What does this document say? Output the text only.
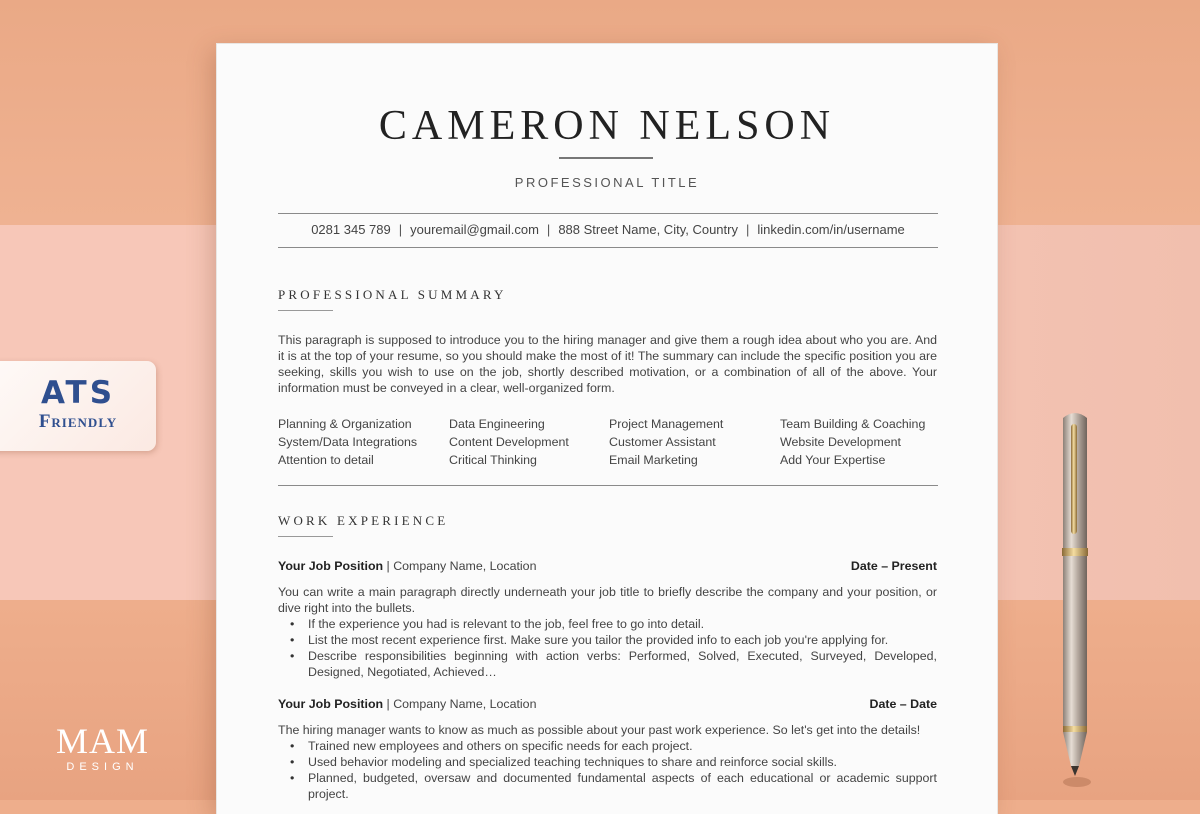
CAMERON NELSON
PROFESSIONAL TITLE
0281 345 789 | youremail@gmail.com | 888 Street Name, City, Country | linkedin.com/in/username
PROFESSIONAL SUMMARY
This paragraph is supposed to introduce you to the hiring manager and give them a rough idea about who you are. And it is at the top of your resume, so you should make the most of it! The summary can include the specific position you are seeking, skills you wish to use on the job, shortly described motivation, or a combination of all of the above. Your information must be conveyed in a clear, well-organized form.
Planning & Organization
System/Data Integrations
Attention to detail
Data Engineering
Content Development
Critical Thinking
Project Management
Customer Assistant
Email Marketing
Team Building & Coaching
Website Development
Add Your Expertise
WORK EXPERIENCE
Your Job Position | Company Name, Location	Date – Present
You can write a main paragraph directly underneath your job title to briefly describe the company and your position, or dive right into the bullets.
• If the experience you had is relevant to the job, feel free to go into detail.
• List the most recent experience first. Make sure you tailor the provided info to each job you're applying for.
• Describe responsibilities beginning with action verbs: Performed, Solved, Executed, Surveyed, Developed, Designed, Negotiated, Achieved…
Your Job Position | Company Name, Location	Date – Date
The hiring manager wants to know as much as possible about your past work experience. So let's get into the details!
• Trained new employees and others on specific needs for each project.
• Used behavior modeling and specialized teaching techniques to share and reinforce social skills.
• Planned, budgeted, oversaw and documented fundamental aspects of each educational or academic support project.
ATS
Friendly
MAM
DESIGN
